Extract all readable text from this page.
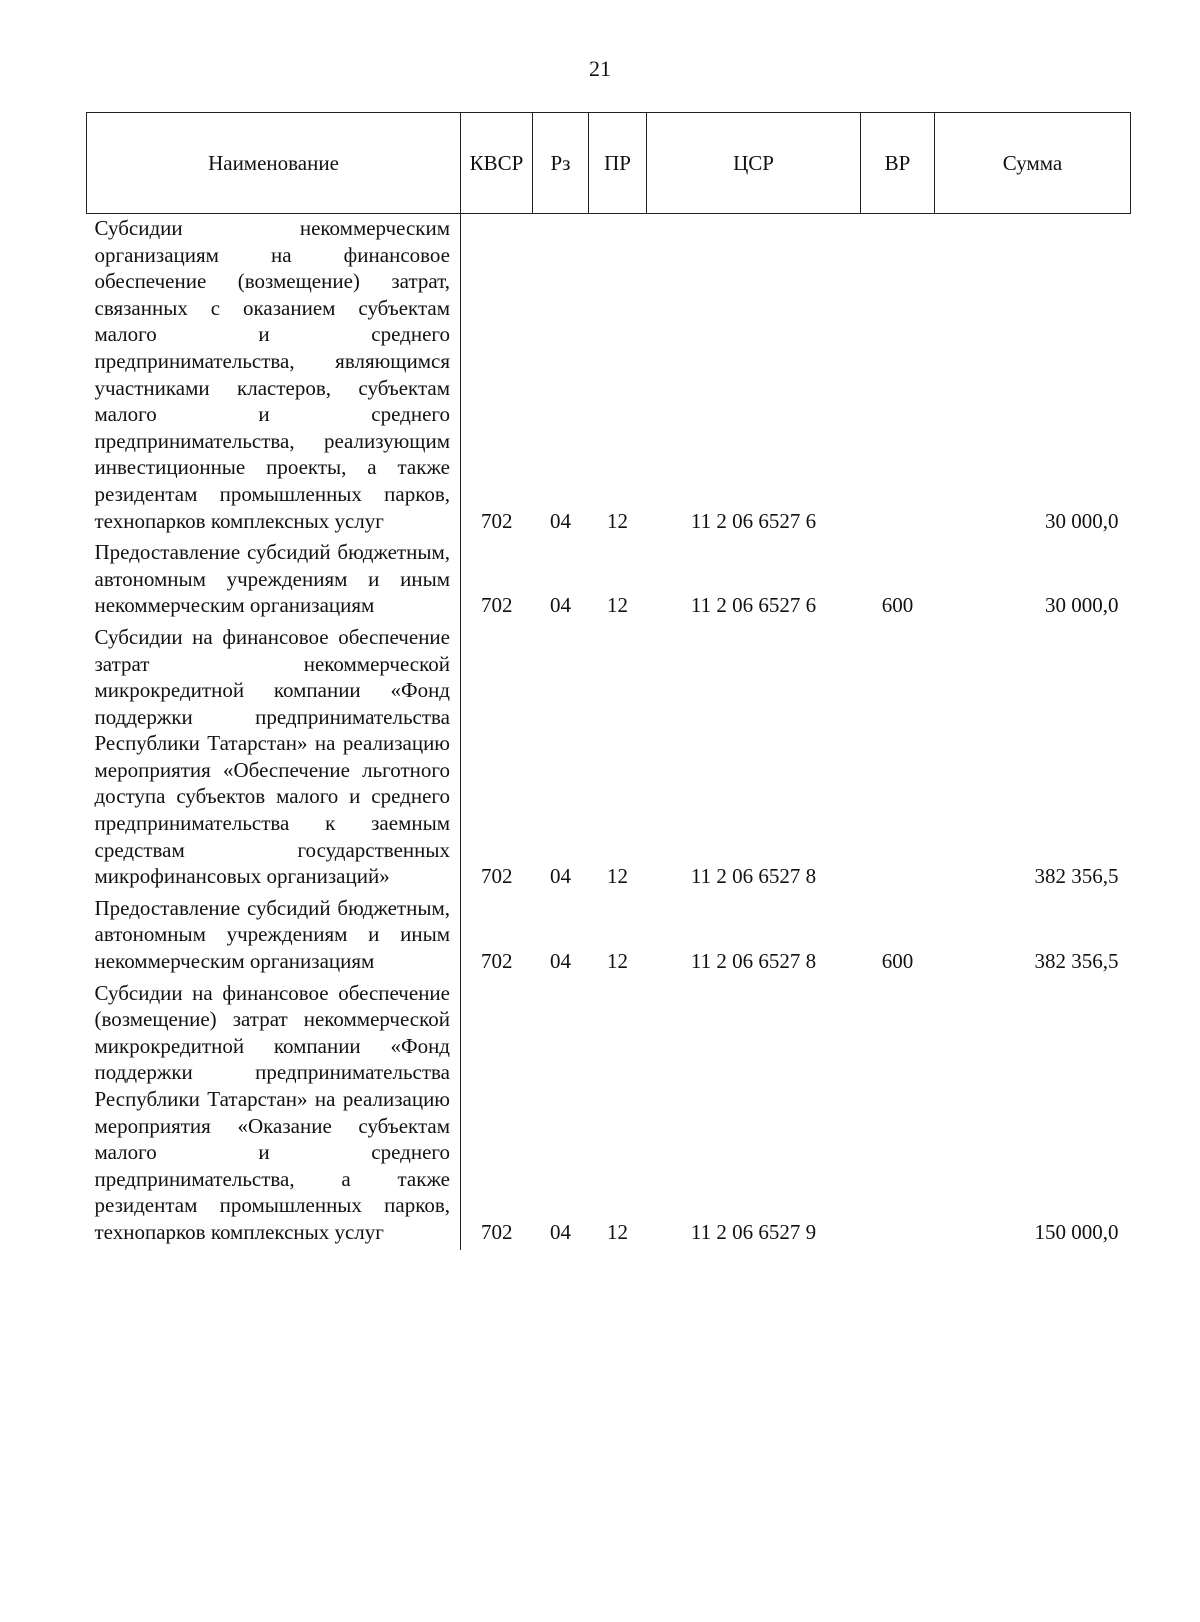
21
Наименование	КВСР	Рз	ПР	ЦСР	ВР	Сумма
Субсидии некоммерческим организациям на финансовое обеспечение (возмещение) затрат, связанных с оказанием субъектам малого и среднего предпринимательства, являющимся участниками кластеров, субъектам малого и среднего предпринимательства, реализующим инвестиционные проекты, а также резидентам промышленных парков, технопарков комплексных услуг	702	04	12	11 2 06 6527 6		30 000,0
Предоставление субсидий бюджетным, автономным учреждениям и иным некоммерческим организациям	702	04	12	11 2 06 6527 6	600	30 000,0
Субсидии на финансовое обеспечение затрат некоммерческой микрокредитной компании «Фонд поддержки предпринимательства Республики Татарстан» на реализацию мероприятия «Обеспечение льготного доступа субъектов малого и среднего предпринимательства к заемным средствам государственных микрофинансовых организаций»	702	04	12	11 2 06 6527 8		382 356,5
Предоставление субсидий бюджетным, автономным учреждениям и иным некоммерческим организациям	702	04	12	11 2 06 6527 8	600	382 356,5
Субсидии на финансовое обеспечение (возмещение) затрат некоммерческой микрокредитной компании «Фонд поддержки предпринимательства Республики Татарстан» на реализацию мероприятия «Оказание субъектам малого и среднего предпринимательства, а также резидентам промышленных парков, технопарков комплексных услуг	702	04	12	11 2 06 6527 9		150 000,0
